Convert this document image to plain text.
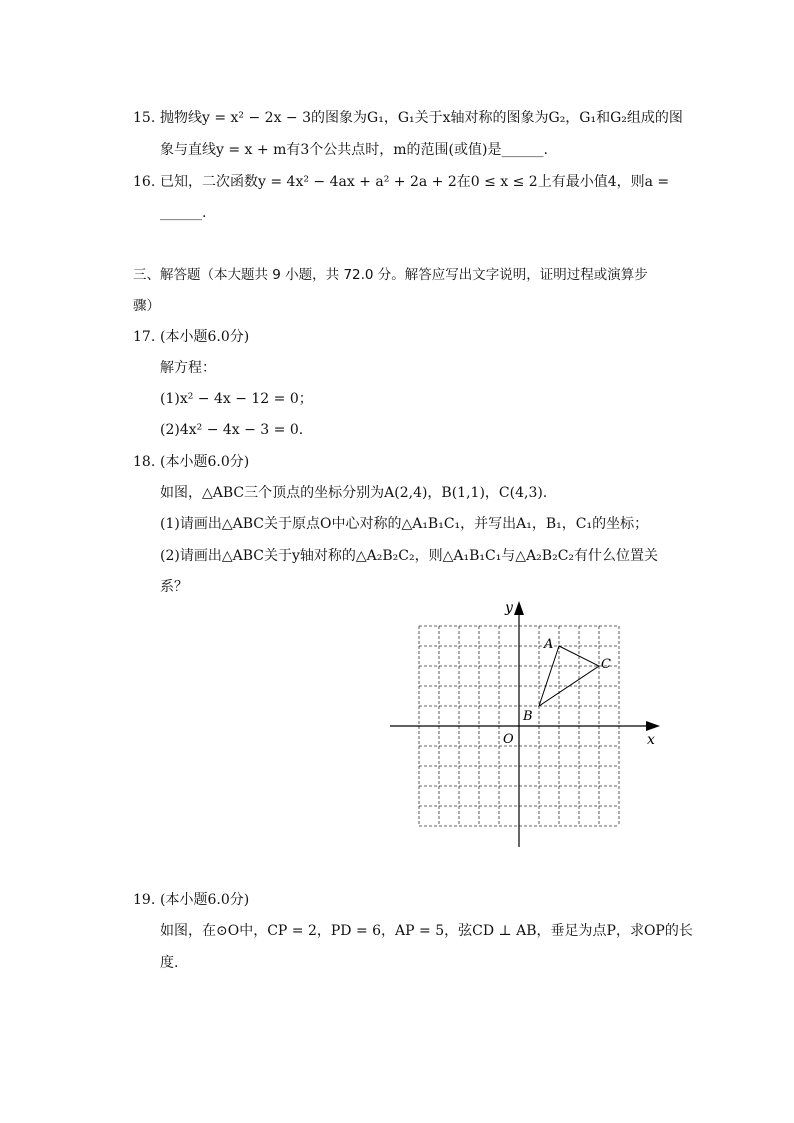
15. 抛物线y = x² − 2x − 3的图象为G₁，G₁关于x轴对称的图象为G₂，G₁和G₂组成的图
象与直线y = x + m有3个公共点时，m的范围(或值)是______.
16. 已知，二次函数y = 4x² − 4ax + a² + 2a + 2在0 ≤ x ≤ 2上有最小值4，则a =
______.
三、解答题（本大题共 9 小题，共 72.0 分。解答应写出文字说明，证明过程或演算步
骤）
17. (本小题6.0分)
解方程：
(1)x² − 4x − 12 = 0；
(2)4x² − 4x − 3 = 0.
18. (本小题6.0分)
如图，△ABC三个顶点的坐标分别为A(2,4)，B(1,1)，C(4,3).
(1)请画出△ABC关于原点O中心对称的△A₁B₁C₁，并写出A₁，B₁，C₁的坐标；
(2)请画出△ABC关于y轴对称的△A₂B₂C₂，则△A₁B₁C₁与△A₂B₂C₂有什么位置关
系？
x
y
O
A
B
C
19. (本小题6.0分)
如图，在⊙O中，CP = 2，PD = 6，AP = 5，弦CD ⊥ AB，垂足为点P，求OP的长
度.
